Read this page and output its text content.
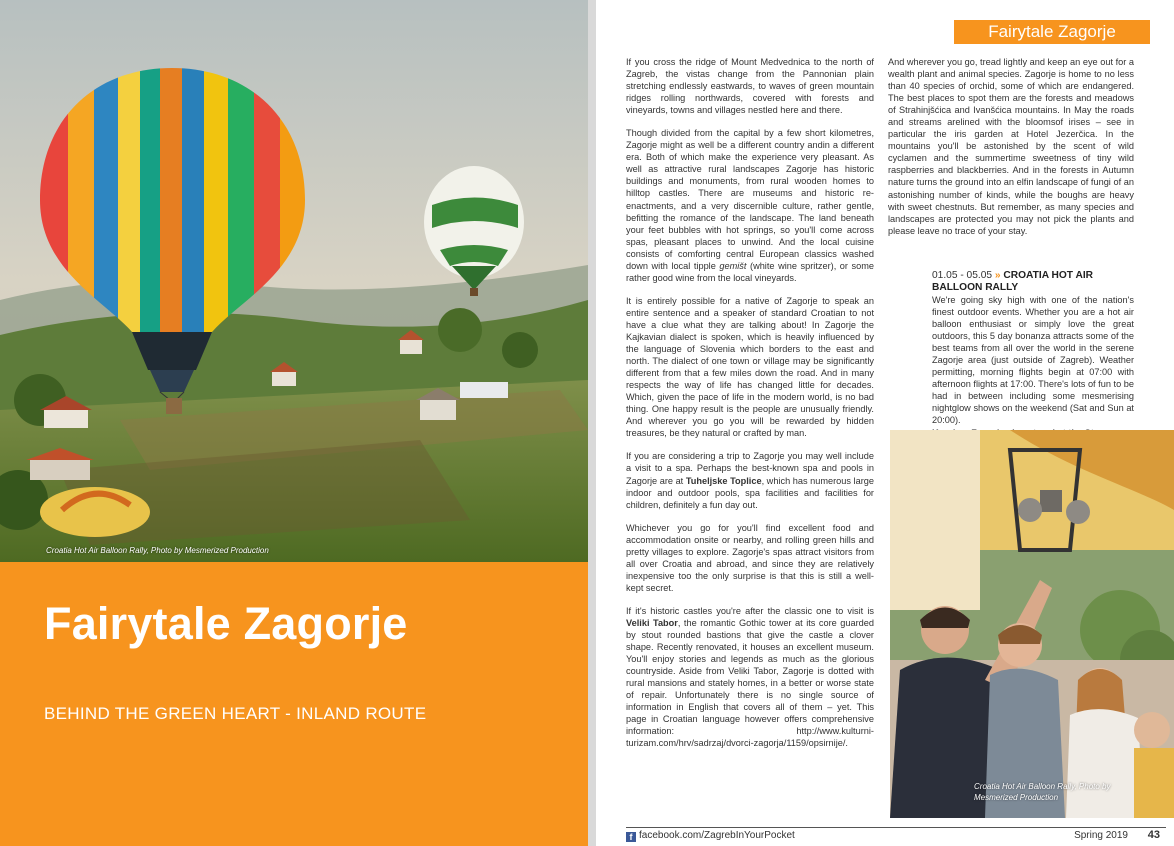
Croatia Hot Air Balloon Rally, Photo by Mesmerized Production
Fairytale Zagorje

BEHIND THE GREEN HEART - INLAND ROUTE

Fairytale Zagorje

If you cross the ridge of Mount Medvednica to the north of Zagreb, the vistas change from the Pannonian plain stretching endlessly eastwards, to waves of green mountain ridges rolling northwards, covered with forests and vineyards, towns and villages nestled here and there.

Though divided from the capital by a few short kilometres, Zagorje might as well be a different country andin a different era. Both of which make the experience very pleasant. As well as attractive rural landscapes Zagorje has historic buildings and monuments, from rural wooden homes to hilltop castles. There are museums and historic re-enactments, and a very discernible culture, rather gentle, befitting the romance of the landscape. The land beneath your feet bubbles with hot springs, so you'll come across spas, pleasant places to unwind. And the local cuisine consists of comforting central European classics washed down with local tipple gemišt (white wine spritzer), or some rather good wine from the local vineyards.

It is entirely possible for a native of Zagorje to speak an entire sentence and a speaker of standard Croatian to not have a clue what they are talking about! In Zagorje the Kajkavian dialect is spoken, which is heavily influenced by the language of Slovenia which borders to the east and north. The dialect of one town or village may be significantly different from that a few miles down the road. And in many respects the way of life has changed little for decades. Which, given the pace of life in the modern world, is no bad thing. One happy result is the people are unusually friendly. And wherever you go you will be rewarded by hidden treasures, be they natural or crafted by man.

If you are considering a trip to Zagorje you may well include a visit to a spa. Perhaps the best-known spa and pools in Zagorje are at Tuheljske Toplice, which has numerous large indoor and outdoor pools, spa facilities and facilities for children, definitely a fun day out.

Whichever you go for you'll find excellent food and accommodation onsite or nearby, and rolling green hills and pretty villages to explore. Zagorje's spas attract visitors from all over Croatia and abroad, and since they are relatively inexpensive too the only surprise is that this is still a well-kept secret.

If it's historic castles you're after the classic one to visit is Veliki Tabor, the romantic Gothic tower at its core guarded by stout rounded bastions that give the castle a clover shape. Recently renovated, it houses an excellent museum. You'll enjoy stories and legends as much as the glorious countryside. Aside from Veliki Tabor, Zagorje is dotted with rural mansions and stately homes, in a better or worse state of repair. Unfortunately there is no single source of information in English that covers all of them – yet. This page in Croatian language however offers comprehensive information: http://www.kulturni-turizam.com/hrv/sadrzaj/dvorci-zagorja/1159/opsirnije/.

And wherever you go, tread lightly and keep an eye out for a wealth plant and animal species. Zagorje is home to no less than 40 species of orchid, some of which are endangered. The best places to spot them are the forests and meadows of Strahinjšćica and Ivanšćica mountains. In May the roads and streams arelined with the bloomsof irises – see in particular the iris garden at Hotel Jezerčica. In the mountains you'll be astonished by the scent of wild cyclamen and the summertime sweetness of tiny wild raspberries and blackberries. And in the forests in Autumn nature turns the ground into an elfin landscape of fungi of an astonishing number of kinds, while the boughs are heavy with sweet chestnuts. But remember, as many species and landscapes are protected you may not pick the plants and please leave no trace of your stay.

01.05 - 05.05 » CROATIA HOT AIR BALLOON RALLY

We're going sky high with one of the nation's finest outdoor events. Whether you are a hot air balloon enthusiast or simply love the great outdoors, this 5 day bonanza attracts some of the best teams from all over the world in the serene Zagorje area (just outside of Zagreb). Weather permitting, morning flights begin at 07:00 with afternoon flights at 17:00. There's lots of fun to be had in between including some mesmerising nightglow shows on the weekend (Sat and Sun at 20:00).

Croatia Hot Air Balloon Rally, Photo by Mesmerized Production
f facebook.com/ZagrebInYourPocket	Spring 2019 43
